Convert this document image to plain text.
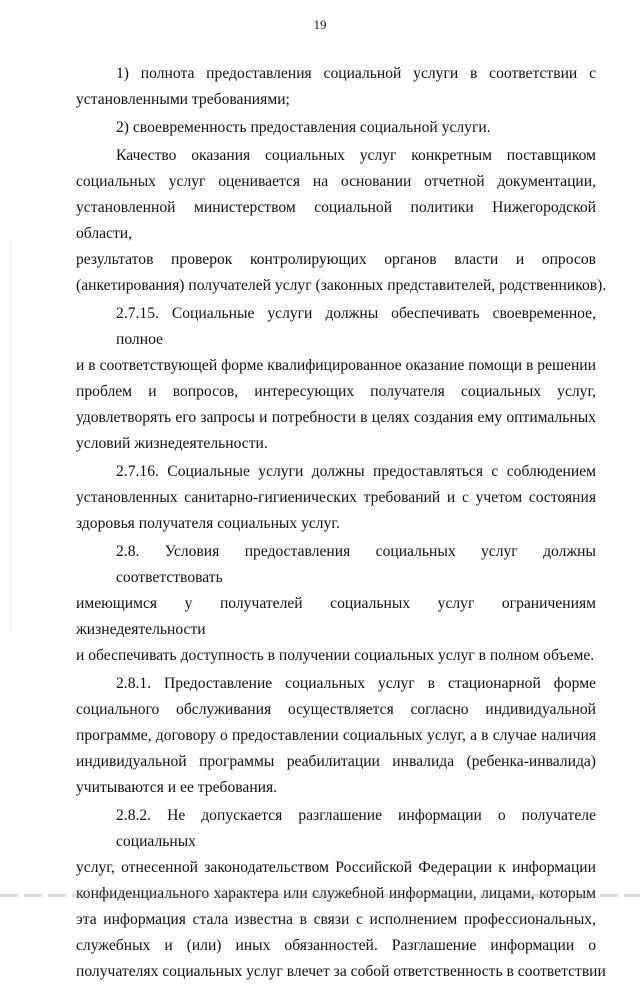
19
1) полнота предоставления социальной услуги в соответствии с
установленными требованиями;
2) своевременность предоставления социальной услуги.
Качество оказания социальных услуг конкретным поставщиком
социальных услуг оценивается на основании отчетной документации,
установленной министерством социальной политики Нижегородской области,
результатов проверок контролирующих органов власти и опросов
(анкетирования) получателей услуг (законных представителей, родственников).
2.7.15. Социальные услуги должны обеспечивать своевременное, полное
и в соответствующей форме квалифицированное оказание помощи в решении
проблем и вопросов, интересующих получателя социальных услуг,
удовлетворять его запросы и потребности в целях создания ему оптимальных
условий жизнедеятельности.
2.7.16. Социальные услуги должны предоставляться с соблюдением
установленных санитарно-гигиенических требований и с учетом состояния
здоровья получателя социальных услуг.
2.8. Условия предоставления социальных услуг должны соответствовать
имеющимся у получателей социальных услуг ограничениям жизнедеятельности
и обеспечивать доступность в получении социальных услуг в полном объеме.
2.8.1. Предоставление социальных услуг в стационарной форме
социального обслуживания осуществляется согласно индивидуальной
программе, договору о предоставлении социальных услуг, а в случае наличия
индивидуальной программы реабилитации инвалида (ребенка-инвалида)
учитываются и ее требования.
2.8.2. Не допускается разглашение информации о получателе социальных
услуг, отнесенной законодательством Российской Федерации к информации
конфиденциального характера или служебной информации, лицами, которым
эта информация стала известна в связи с исполнением профессиональных,
служебных и (или) иных обязанностей. Разглашение информации о
получателях социальных услуг влечет за собой ответственность в соответствии
